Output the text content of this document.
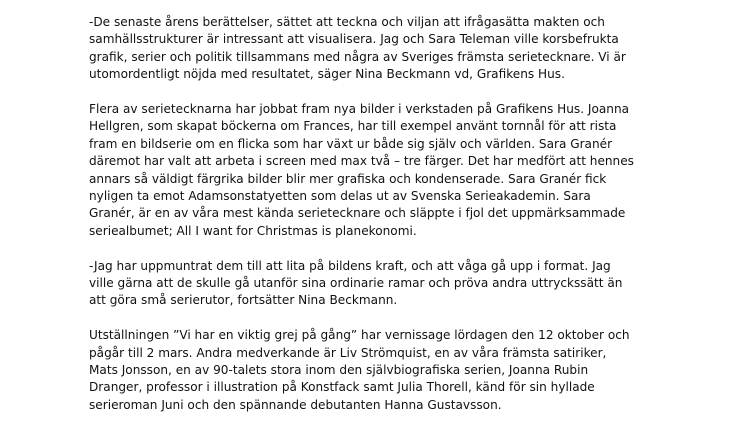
-De senaste årens berättelser, sättet att teckna och viljan att ifrågasätta makten och
samhällsstrukturer är intressant att visualisera. Jag och Sara Teleman ville korsbefrukta
grafik, serier och politik tillsammans med några av Sveriges främsta serietecknare. Vi är
utomordentligt nöjda med resultatet, säger Nina Beckmann vd, Grafikens Hus.

Flera av serietecknarna har jobbat fram nya bilder i verkstaden på Grafikens Hus. Joanna
Hellgren, som skapat böckerna om Frances, har till exempel använt tornnål för att rista
fram en bildserie om en flicka som har växt ur både sig själv och världen. Sara Granér
däremot har valt att arbeta i screen med max två – tre färger. Det har medfört att hennes
annars så väldigt färgrika bilder blir mer grafiska och kondenserade. Sara Granér fick
nyligen ta emot Adamsonstatyetten som delas ut av Svenska Serieakademin. Sara
Granér, är en av våra mest kända serietecknare och släppte i fjol det uppmärksammade
seriealbumet; All I want for Christmas is planekonomi.

-Jag har uppmuntrat dem till att lita på bildens kraft, och att våga gå upp i format. Jag
ville gärna att de skulle gå utanför sina ordinarie ramar och pröva andra uttryckssätt än
att göra små serierutor, fortsätter Nina Beckmann.

Utställningen ”Vi har en viktig grej på gång” har vernissage lördagen den 12 oktober och
pågår till 2 mars. Andra medverkande är Liv Strömquist, en av våra främsta satiriker,
Mats Jonsson, en av 90-talets stora inom den självbiografiska serien, Joanna Rubin
Dranger, professor i illustration på Konstfack samt Julia Thorell, känd för sin hyllade
serieroman Juni och den spännande debutanten Hanna Gustavsson.
